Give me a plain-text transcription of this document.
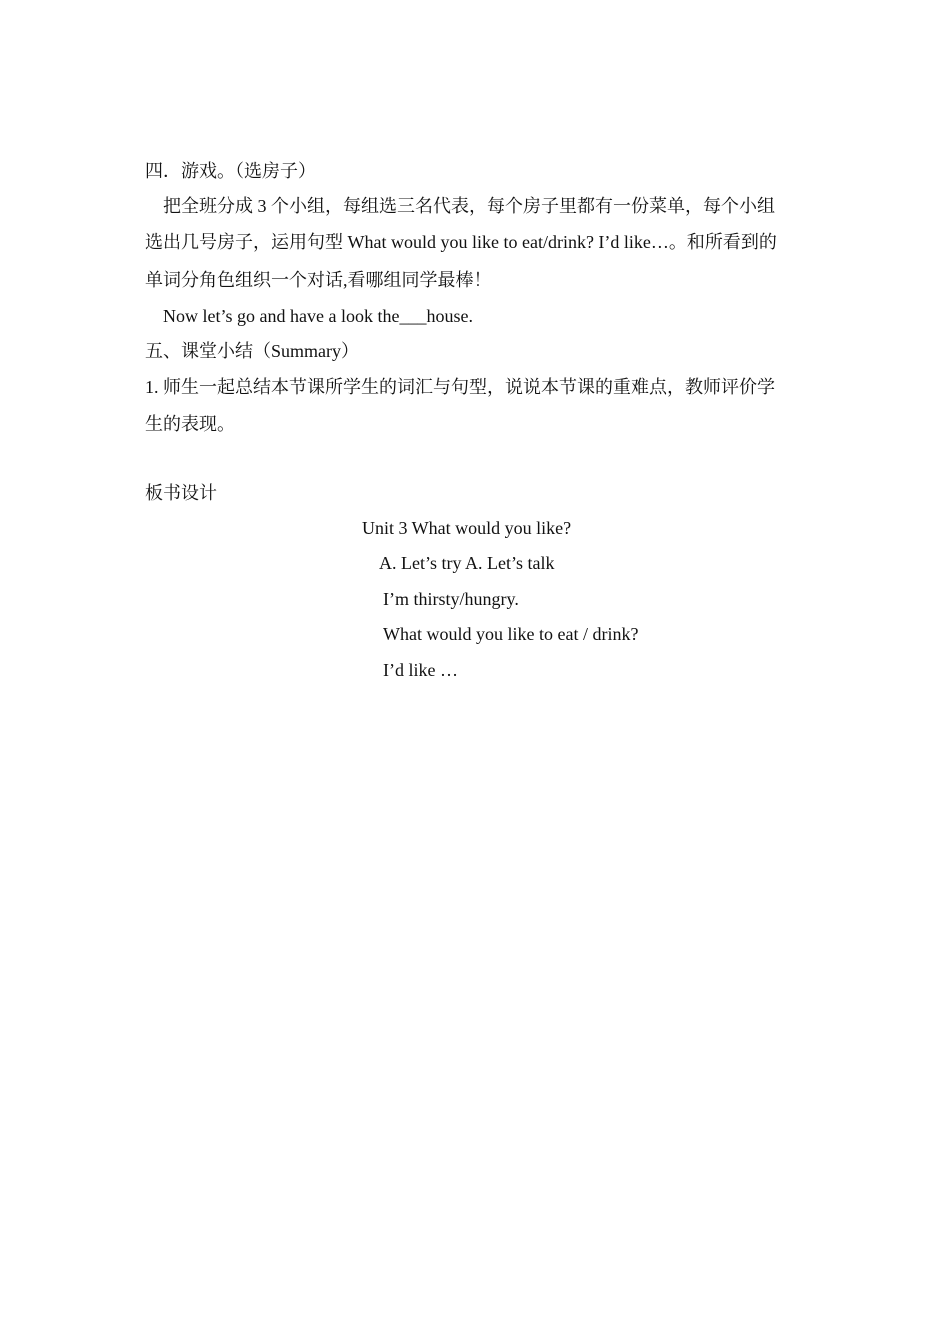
四．游戏。（选房子）
把全班分成 3 个小组，每组选三名代表，每个房子里都有一份菜单，每个小组
选出几号房子，运用句型 What would you like to eat/drink? I’d like…。和所看到的
单词分角色组织一个对话,看哪组同学最棒！
Now let’s go and have a look the___house.
五、课堂小结（Summary）
1. 师生一起总结本节课所学生的词汇与句型，说说本节课的重难点，教师评价学
生的表现。
板书设计
Unit 3 What would you like?
A. Let’s try A. Let’s talk
I’m thirsty/hungry.
What would you like to eat / drink?
I’d like …
